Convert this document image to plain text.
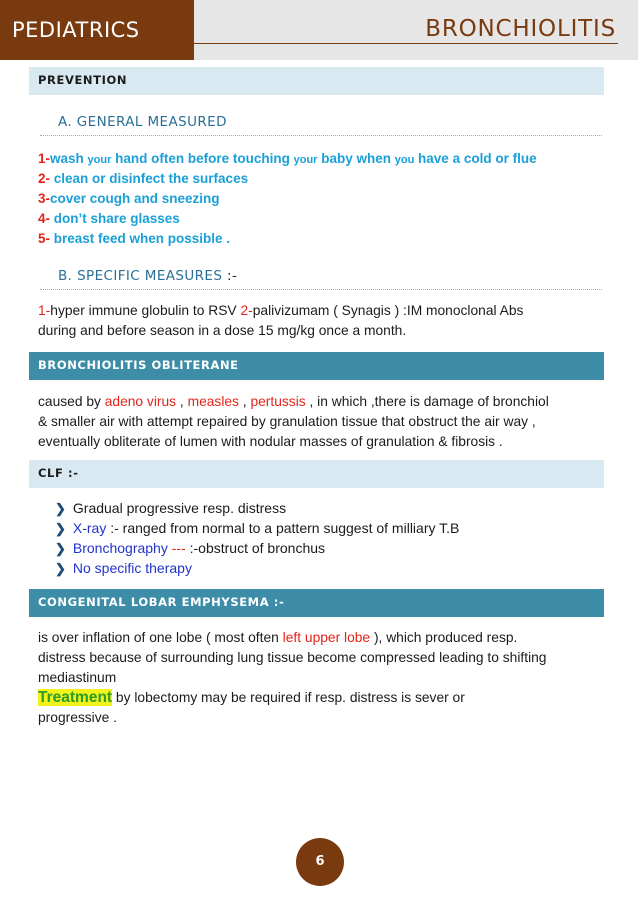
PEDIATRICS	BRONCHIOLITIS
PREVENTION
A. GENERAL MEASURED
1-wash your hand often before touching your baby when you have a cold or flue
2- clean or disinfect the surfaces
3-cover cough and sneezing
4- don’t share glasses
5- breast feed when possible .
B. SPECIFIC MEASURES :-
1-hyper immune globulin to RSV 2-palivizumam ( Synagis ) :IM monoclonal Abs
during and before season in a dose 15 mg/kg once a month.
BRONCHIOLITIS OBLITERANE
caused by adeno virus , measles , pertussis , in which ,there is damage of bronchiol
& smaller air with attempt repaired by granulation tissue that obstruct the air way ,
eventually obliterate of lumen with nodular masses of granulation & fibrosis .
CLF :-
❯ Gradual progressive resp. distress
❯ X-ray :- ranged from normal to a pattern suggest of milliary T.B
❯ Bronchography --- :-obstruct of bronchus
❯ No specific therapy
CONGENITAL LOBAR EMPHYSEMA :-
is over inflation of one lobe ( most often left upper lobe ), which produced resp.
distress because of surrounding lung tissue become compressed leading to shifting
mediastinum
Treatment by lobectomy may be required if resp. distress is sever or
progressive .
6
